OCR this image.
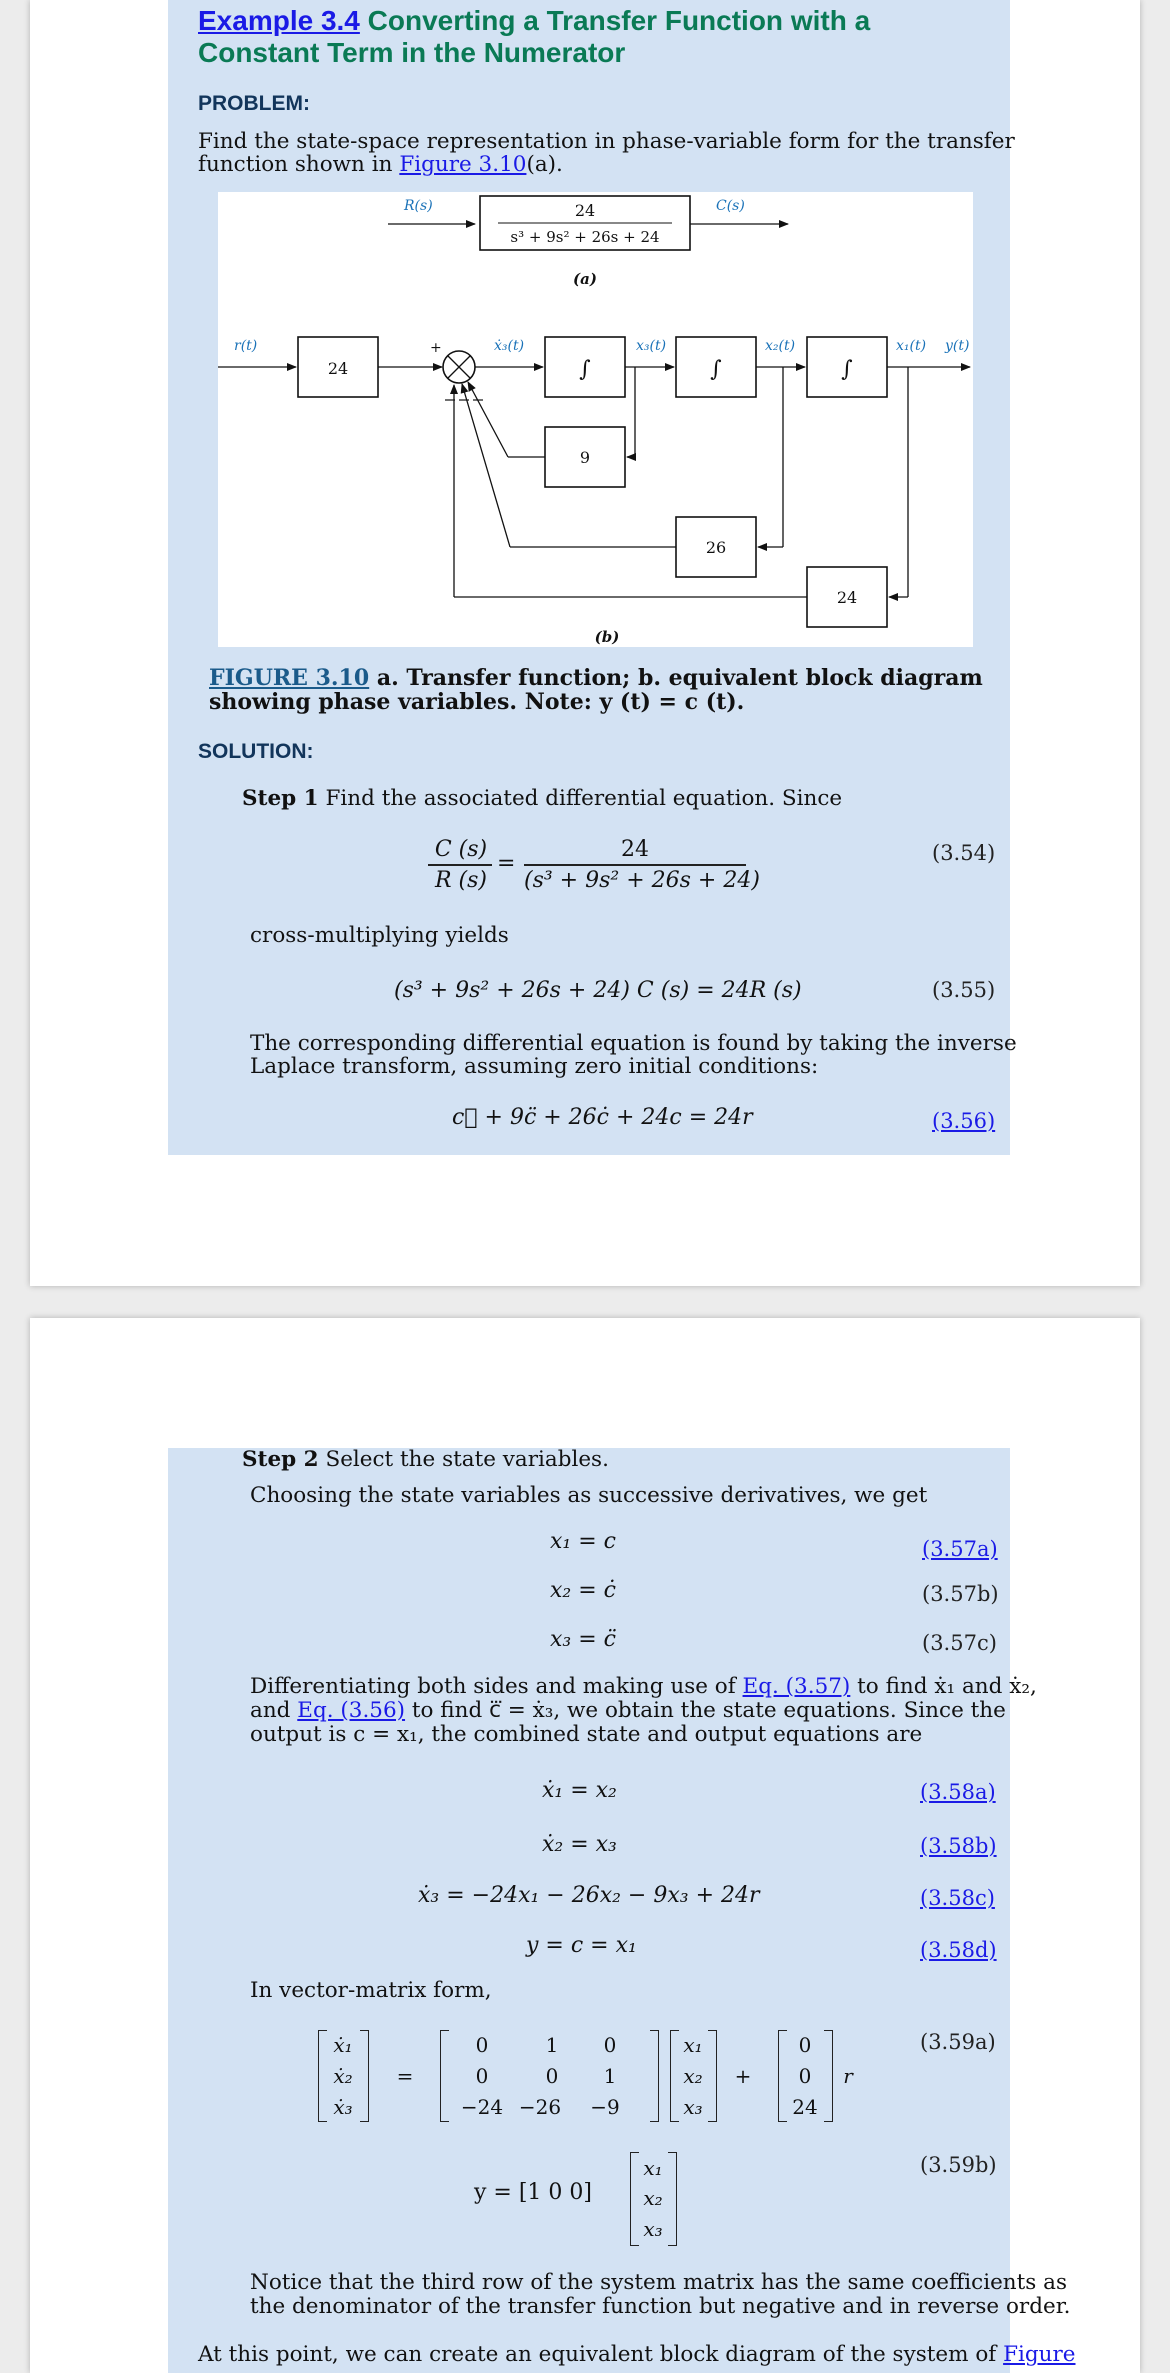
Example 3.4 Converting a Transfer Function with a
Constant Term in the Numerator
PROBLEM:
Find the state-space representation in phase-variable form for the transfer
function shown in Figure 3.10(a).
R(s)	24
s³ + 9s² + 26s + 24
C(s)
(a)
r(t)
24
+	ẋ₃(t)
∫
x₃(t)
∫
x₂(t)
∫
x₁(t) y(t)
9
26
24
(b)
FIGURE 3.10 a. Transfer function; b. equivalent block diagram
showing phase variables. Note: y (t) = c (t).
SOLUTION:
Step 1 Find the associated differential equation. Since
C (s)
R (s)
=
24
(s³ + 9s² + 26s + 24)
(3.54)
cross-multiplying yields
(s³ + 9s² + 26s + 24) C (s) = 24R (s)	(3.55)
The corresponding differential equation is found by taking the inverse
Laplace transform, assuming zero initial conditions:
c⃛ + 9c̈ + 26ċ + 24c = 24r	(3.56)
Step 2 Select the state variables.
Choosing the state variables as successive derivatives, we get
x₁ = c	(3.57a)
x₂ = ċ	(3.57b)
x₃ = c̈	(3.57c)
Differentiating both sides and making use of Eq. (3.57) to find ẋ₁ and ẋ₂,
and Eq. (3.56) to find c⃛ = ẋ₃, we obtain the state equations. Since the
output is c = x₁, the combined state and output equations are
ẋ₁ = x₂	(3.58a)
ẋ₂ = x₃	(3.58b)
ẋ₃ = −24x₁ − 26x₂ − 9x₃ + 24r	(3.58c)
y = c = x₁	(3.58d)
In vector-matrix form,
ẋ₁
ẋ₂
ẋ₃
=
0	1	0
0	0	1
−24 −26	−9
x₁
x₂
x₃
+
0
0
24
r
(3.59a)
y = [1 0 0]
x₁
x₂
x₃
(3.59b)
Notice that the third row of the system matrix has the same coefficients as
the denominator of the transfer function but negative and in reverse order.
At this point, we can create an equivalent block diagram of the system of Figure
